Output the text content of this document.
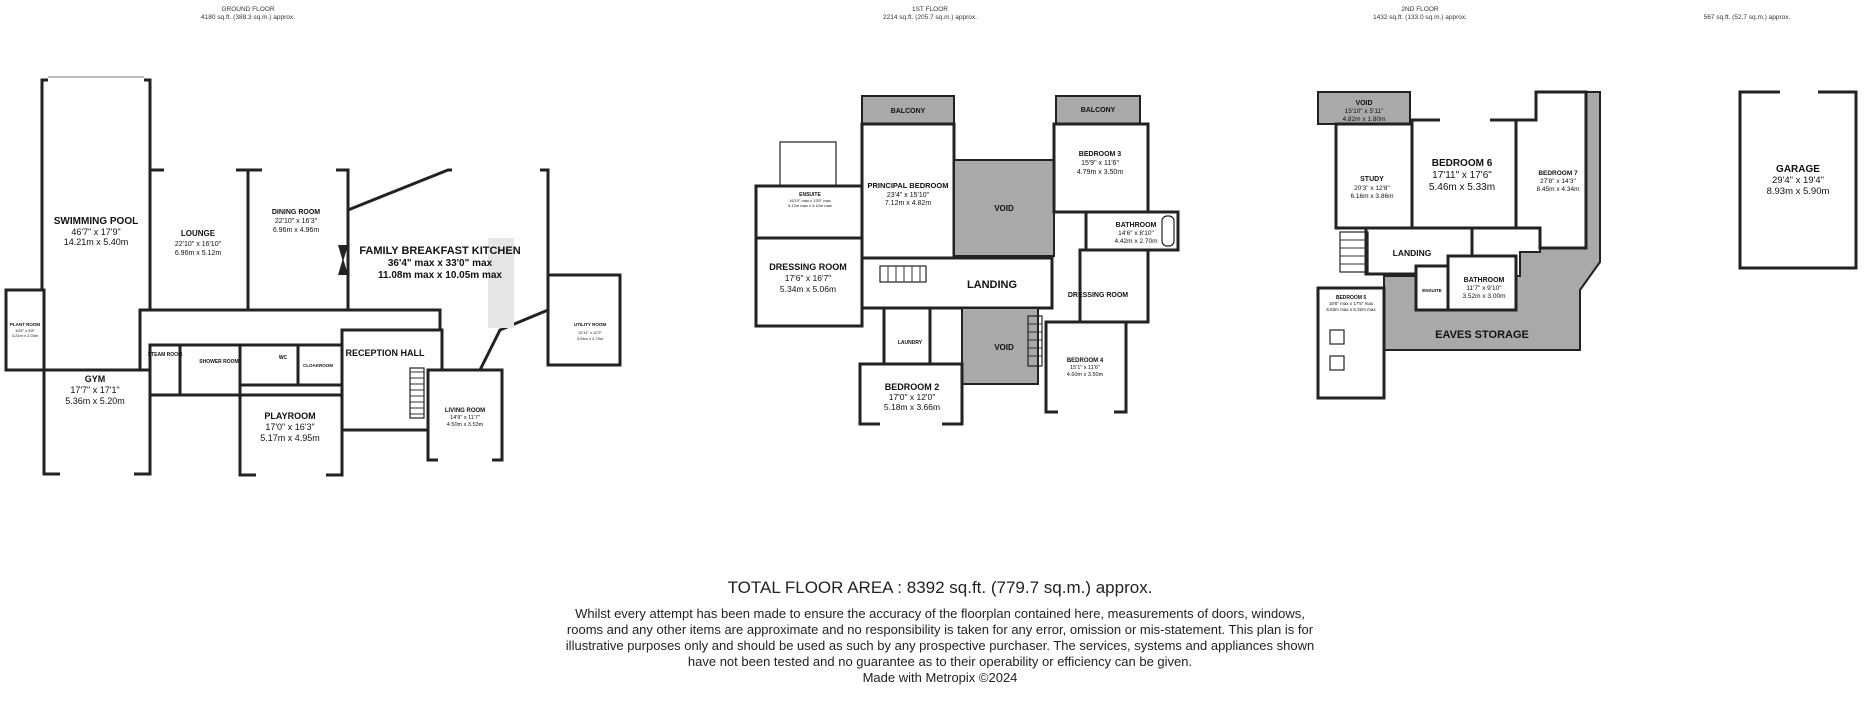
GROUND FLOOR
4180 sq.ft. (388.3 sq.m.) approx.
1ST FLOOR
2214 sq.ft. (205.7 sq.m.) approx.
2ND FLOOR
1432 sq.ft. (133.0 sq.m.) approx.	567 sq.ft. (52.7 sq.m.) approx.
SWIMMING POOL
46'7" x 17'9"
14.21m x 5.40m
LOUNGE
22'10" x 16'10"
6.96m x 5.12m
DINING ROOM
22'10" x 16'3"
6.96m x 4.96m
FAMILY BREAKFAST KITCHEN
36'4" max x 33'0" max
11.08m max x 10.05m max
PLANT ROOM
10'6" x 6'8"
3.21m x 2.03m
UTILITY ROOM
12'11" x 12'3"
3.94m x 3.74m
STEAM ROOM
SHOWER ROOM
WC
CLOAKROOM
RECEPTION HALL
GYM
17'7" x 17'1"
5.36m x 5.20m
PLAYROOM
17'0" x 16'3"
5.17m x 4.95m
LIVING ROOM
14'9" x 11'7"
4.50m x 3.53m
BALCONY	BALCONY
ENSUITE
16'10" max x 13'5" max
5.12m max x 4.10m max
PRINCIPAL BEDROOM
23'4" x 15'10"
7.12m x 4.82m
VOID
VOID
BEDROOM 3
15'9" x 11'6"
4.79m x 3.50m
BATHROOM
14'6" x 8'10"
4.42m x 2.70m
DRESSING ROOM
17'6" x 16'7"
5.34m x 5.06m	LANDING
DRESSING ROOM
LAUNDRY
BEDROOM 2
17'0" x 12'0"
5.18m x 3.66m
BEDROOM 4
15'1" x 11'6"
4.60m x 3.50m
VOID
15'10" x 5'11"
4.82m x 1.80m
STUDY
20'3" x 12'8"
6.16m x 3.86m
BEDROOM 6
17'11" x 17'6"
5.46m x 5.33m
BEDROOM 7
27'8" x 14'3"
8.45m x 4.34m
LANDING
ENSUITE
BATHROOM
11'7" x 9'10"
3.52m x 3.00m
BEDROOM 5
18'6" max x 17'5" max
5.63m max x 5.32m max
EAVES STORAGE
GARAGE
29'4" x 19'4"
8.93m x 5.90m

TOTAL FLOOR AREA : 8392 sq.ft. (779.7 sq.m.) approx.

Whilst every attempt has been made to ensure the accuracy of the floorplan contained here, measurements of doors, windows, rooms and any other items are approximate and no responsibility is taken for any error, omission or mis-statement. This plan is for illustrative purposes only and should be used as such by any prospective purchaser. The services, systems and appliances shown have not been tested and no guarantee as to their operability or efficiency can be given.

Made with Metropix ©2024
